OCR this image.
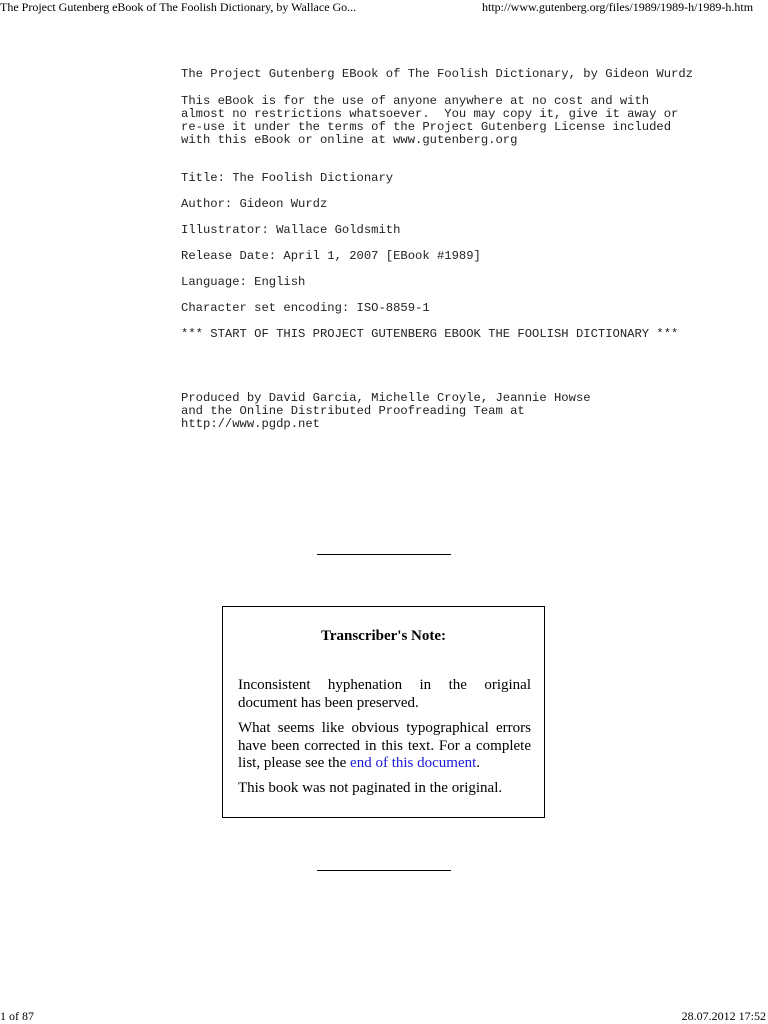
The Project Gutenberg eBook of The Foolish Dictionary, by Wallace Go...	http://www.gutenberg.org/files/1989/1989-h/1989-h.htm
The Project Gutenberg EBook of The Foolish Dictionary, by Gideon Wurdz
This eBook is for the use of anyone anywhere at no cost and with
almost no restrictions whatsoever.  You may copy it, give it away or
re-use it under the terms of the Project Gutenberg License included
with this eBook or online at www.gutenberg.org
Title: The Foolish Dictionary
Author: Gideon Wurdz
Illustrator: Wallace Goldsmith
Release Date: April 1, 2007 [EBook #1989]
Language: English
Character set encoding: ISO-8859-1
*** START OF THIS PROJECT GUTENBERG EBOOK THE FOOLISH DICTIONARY ***
Produced by David Garcia, Michelle Croyle, Jeannie Howse
and the Online Distributed Proofreading Team at
http://www.pgdp.net
Transcriber's Note:
Inconsistent hyphenation in the original document has been preserved.
What seems like obvious typographical errors have been corrected in this text. For a complete list, please see the end of this document.
This book was not paginated in the original.
1 of 87	28.07.2012 17:52
